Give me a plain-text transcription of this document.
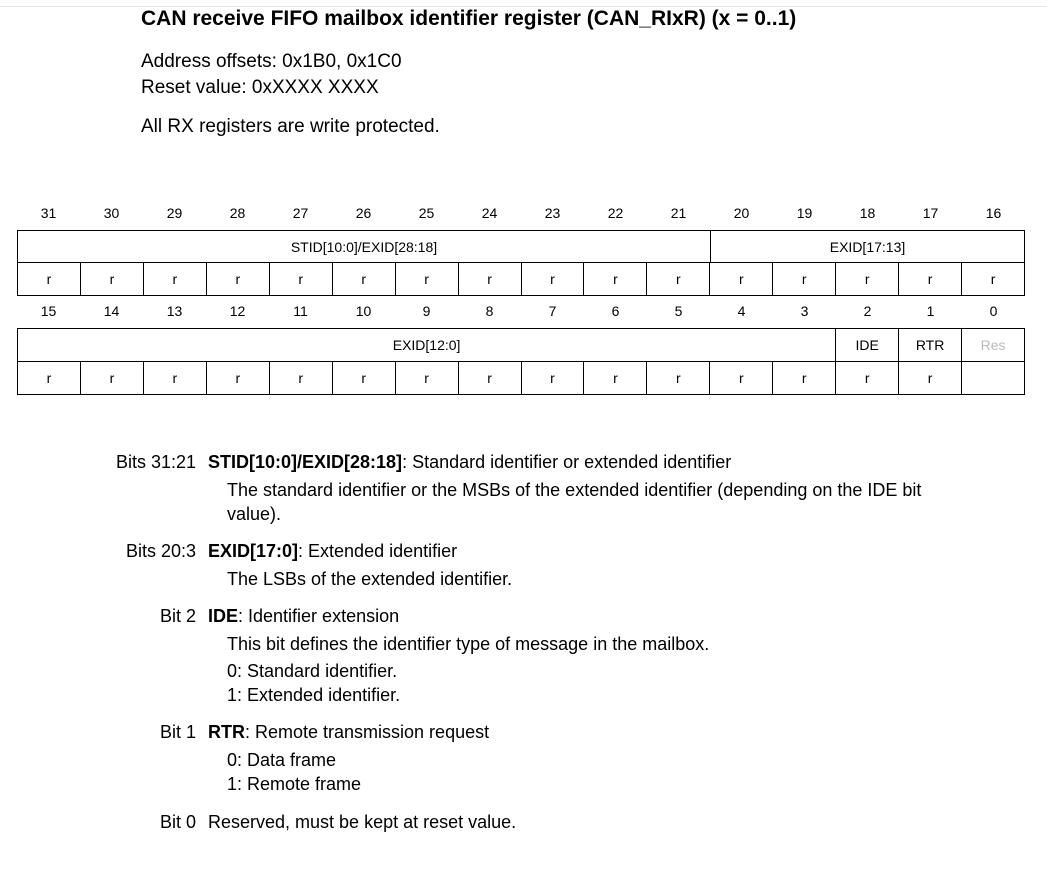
CAN receive FIFO mailbox identifier register (CAN_RIxR) (x = 0..1)
Address offsets: 0x1B0, 0x1C0
Reset value: 0xXXXX XXXX
All RX registers are write protected.
31	30	29	28	27	26	25	24	23	22	21	20	19	18	17	16
STID[10:0]/EXID[28:18]	EXID[17:13]
r	r	r	r	r	r	r	r	r	r	r	r	r	r	r	r
15	14	13	12	11	10	9	8	7	6	5	4	3	2	1	0
EXID[12:0]	IDE	RTR	Res
r	r	r	r	r	r	r	r	r	r	r	r	r	r	r
Bits 31:21 STID[10:0]/EXID[28:18]: Standard identifier or extended identifier
The standard identifier or the MSBs of the extended identifier (depending on the IDE bit
value).
Bits 20:3 EXID[17:0]: Extended identifier
The LSBs of the extended identifier.
Bit 2 IDE: Identifier extension
This bit defines the identifier type of message in the mailbox.
0: Standard identifier.
1: Extended identifier.
Bit 1 RTR: Remote transmission request
0: Data frame
1: Remote frame
Bit 0 Reserved, must be kept at reset value.
